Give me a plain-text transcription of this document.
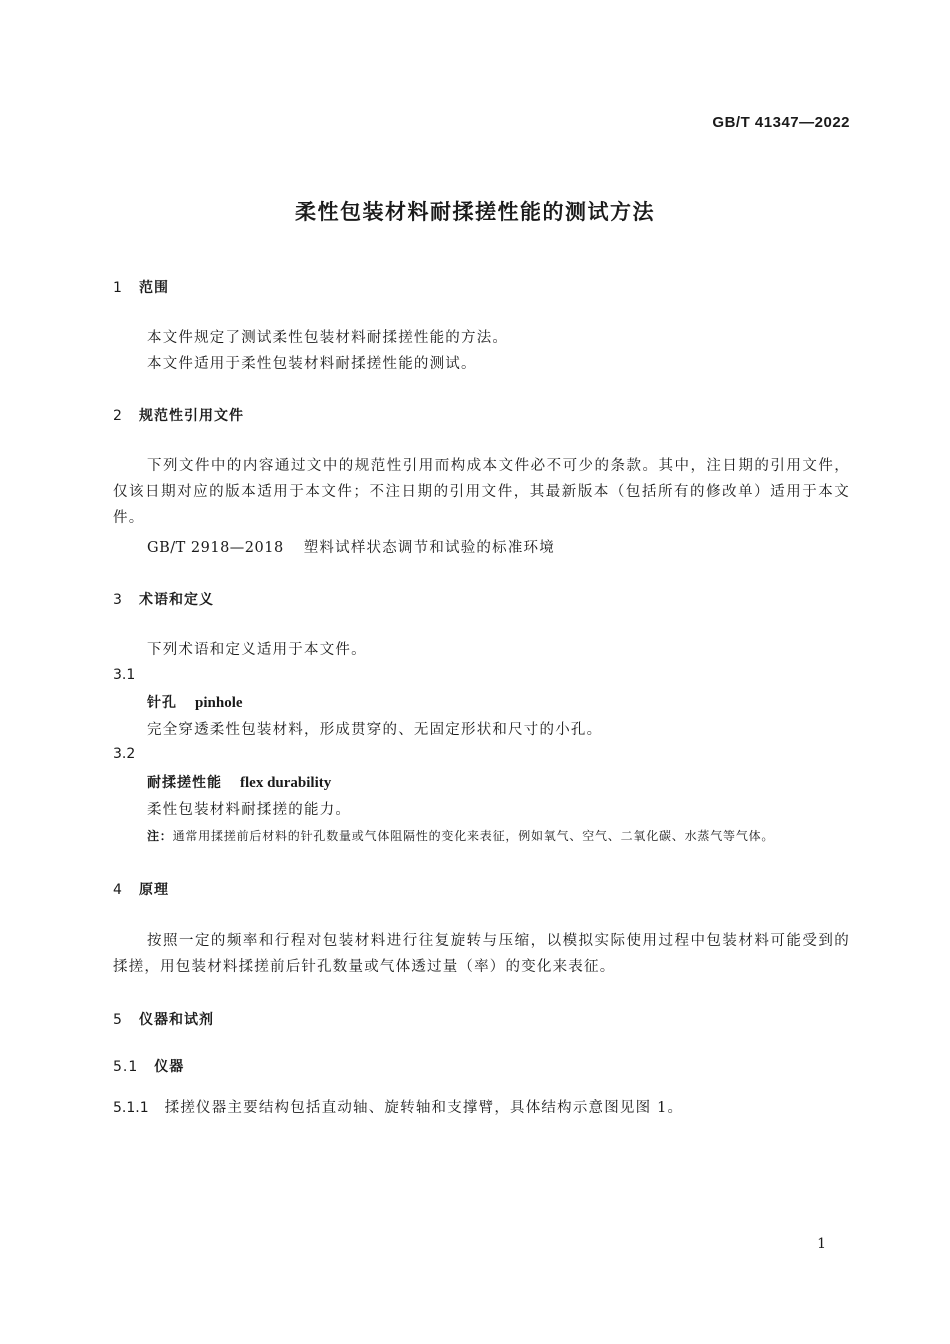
GB/T 41347—2022
柔性包装材料耐揉搓性能的测试方法
1 范围
本文件规定了测试柔性包装材料耐揉搓性能的方法。
本文件适用于柔性包装材料耐揉搓性能的测试。
2 规范性引用文件
下列文件中的内容通过文中的规范性引用而构成本文件必不可少的条款。其中，注日期的引用文件，仅该日期对应的版本适用于本文件；不注日期的引用文件，其最新版本（包括所有的修改单）适用于本文件。
GB/T 2918—2018 塑料试样状态调节和试验的标准环境
3 术语和定义
下列术语和定义适用于本文件。
3.1
针孔 pinhole
完全穿透柔性包装材料，形成贯穿的、无固定形状和尺寸的小孔。
3.2
耐揉搓性能 flex durability
柔性包装材料耐揉搓的能力。
注：通常用揉搓前后材料的针孔数量或气体阻隔性的变化来表征，例如氧气、空气、二氧化碳、水蒸气等气体。
4 原理
按照一定的频率和行程对包装材料进行往复旋转与压缩，以模拟实际使用过程中包装材料可能受到的揉搓，用包装材料揉搓前后针孔数量或气体透过量（率）的变化来表征。
5 仪器和试剂
5.1 仪器
5.1.1 揉搓仪器主要结构包括直动轴、旋转轴和支撑臂，具体结构示意图见图 1。
1
